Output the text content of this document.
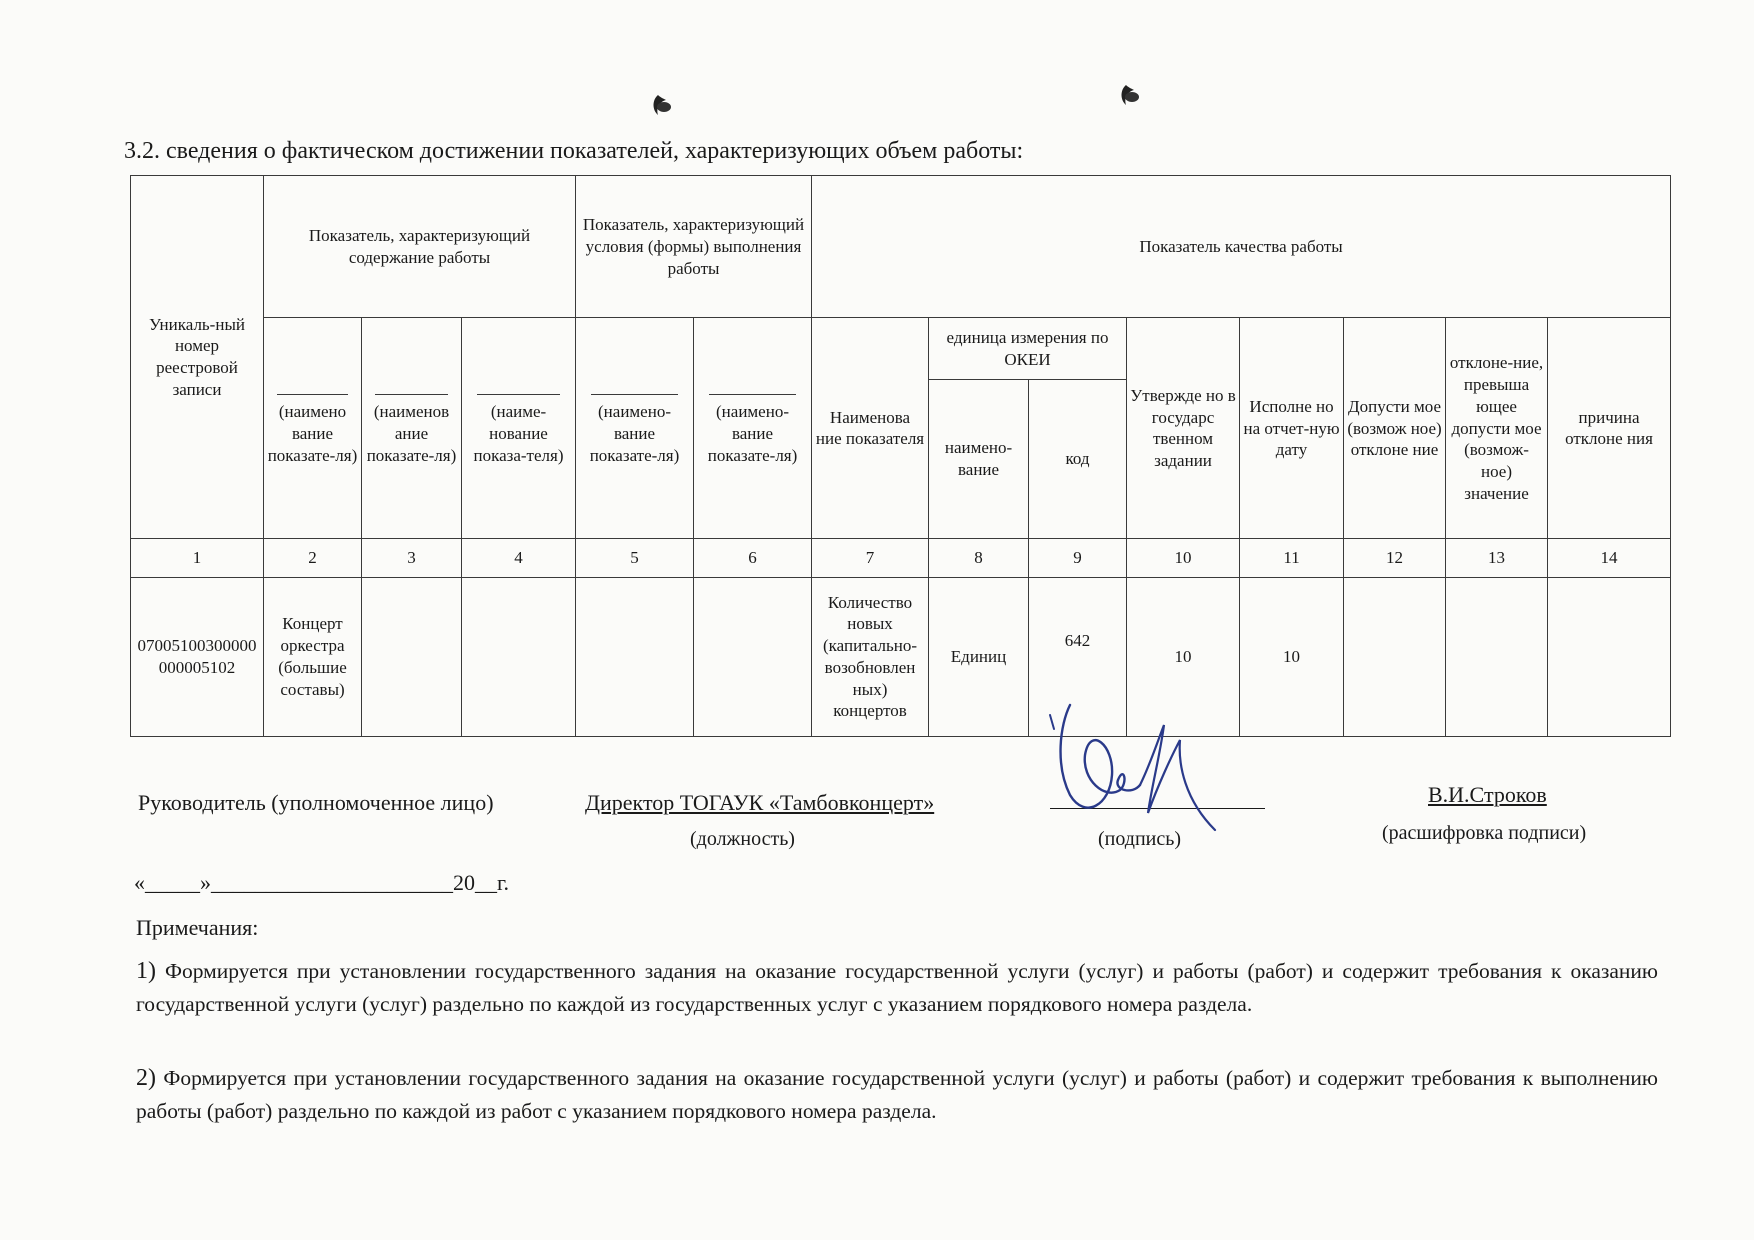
3.2. сведения о фактическом достижении показателей, характеризующих объем работы:
Уникаль-ный номер реестровой записи	Показатель, характеризующий содержание работы			Показатель, характеризующий условия (формы) выполнения работы		Показатель качества работы							

(наимено вание показате-ля)	(наименов ание показате-ля)	(наиме-нование показа-теля)	(наимено-вание показате-ля)	(наимено-вание показате-ля)	Наименова ние показателя	единица измерения по ОКЕИ		Утвержде но в государс твенном задании	Исполне но на отчет-ную дату	Допусти мое (возмож ное) отклоне ние	отклоне-ние, превыша ющее допусти мое (возмож-ное) значение	причина отклоне ния
							наимено-вание	код					
1	2	3	4	5	6	7	8	9	10	11	12	13	14
07005100300000000005102	Концерт оркестра (большие составы)					Количество новых (капитально-возобновлен ных) концертов	Единиц	642	10	10			
Руководитель (уполномоченное лицо)	Директор ТОГАУК «Тамбовконцерт»	В.И.Строков
(должность)	(подпись)	(расшифровка подписи)
«_____»______________________20__г.
Примечания:
1) Формируется при установлении государственного задания на оказание государственной услуги (услуг) и работы (работ) и содержит требования к оказанию государственной услуги (услуг) раздельно по каждой из государственных услуг с указанием порядкового номера раздела.
2) Формируется при установлении государственного задания на оказание государственной услуги (услуг) и работы (работ) и содержит требования к выполнению работы (работ) раздельно по каждой из работ с указанием порядкового номера раздела.
